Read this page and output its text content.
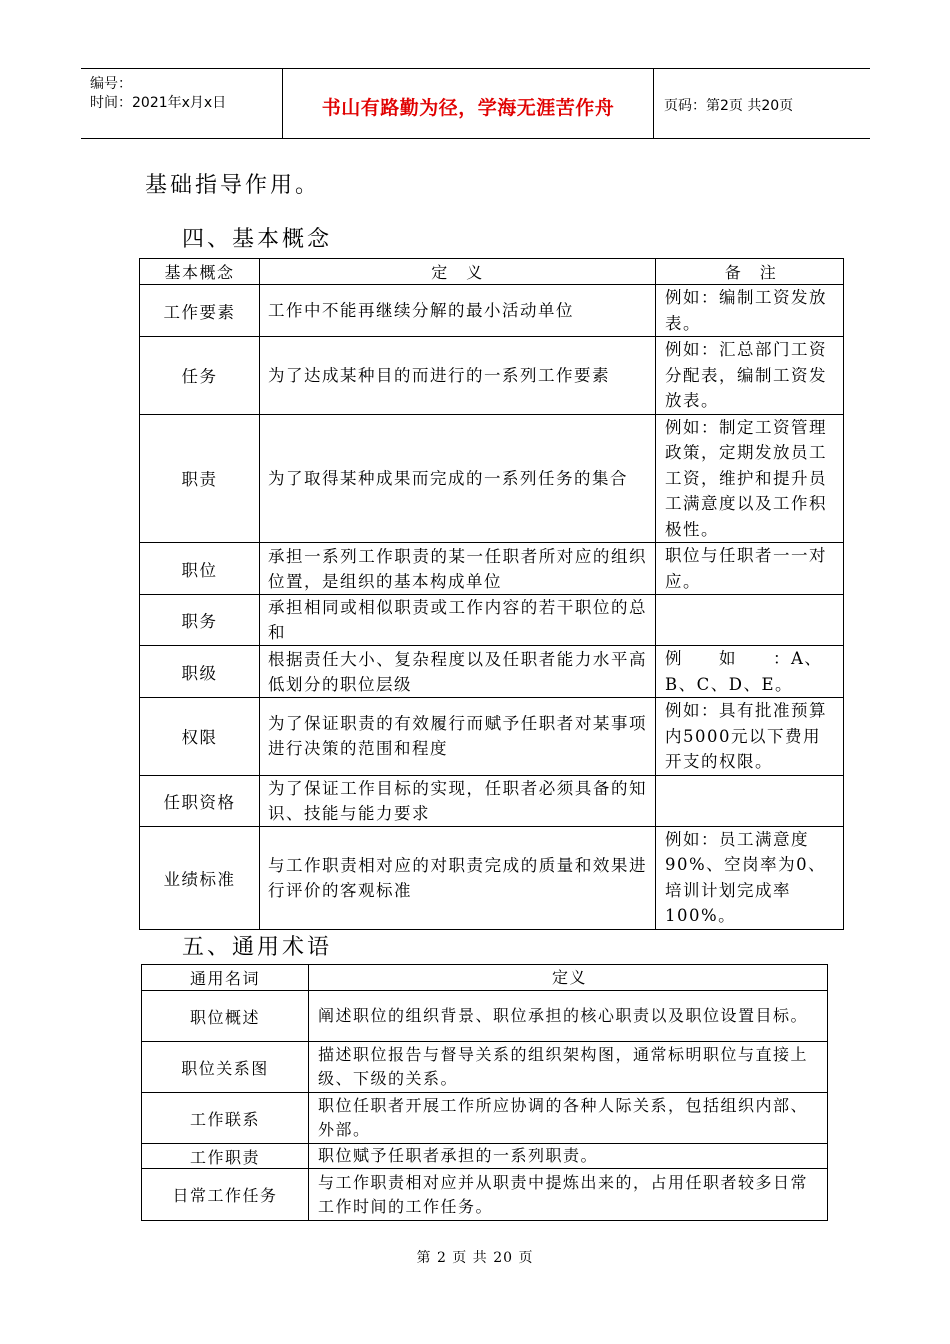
编号：
时间：2021年x月x日	书山有路勤为径，学海无涯苦作舟	页码：第2页 共20页
基础指导作用。
四、基本概念
基本概念	定　义	备　注
工作要素	工作中不能再继续分解的最小活动单位	例如：编制工资发放表。
任务	为了达成某种目的而进行的一系列工作要素	例如：汇总部门工资分配表，编制工资发放表。
职责	为了取得某种成果而完成的一系列任务的集合	例如：制定工资管理政策，定期发放员工工资，维护和提升员工满意度以及工作积极性。
职位	承担一系列工作职责的某一任职者所对应的组织位置，是组织的基本构成单位	职位与任职者一一对应。
职务	承担相同或相似职责或工作内容的若干职位的总和	
职级	根据责任大小、复杂程度以及任职者能力水平高低划分的职位层级	例　　如　　：A、B、C、D、E。
权限	为了保证职责的有效履行而赋予任职者对某事项进行决策的范围和程度	例如：具有批准预算内5000元以下费用开支的权限。
任职资格	为了保证工作目标的实现，任职者必须具备的知识、技能与能力要求	
业绩标准	与工作职责相对应的对职责完成的质量和效果进行评价的客观标准	例如：员工满意度90%、空岗率为0、培训计划完成率100%。
五、通用术语
通用名词	定义
职位概述	阐述职位的组织背景、职位承担的核心职责以及职位设置目标。
职位关系图	描述职位报告与督导关系的组织架构图，通常标明职位与直接上级、下级的关系。
工作联系	职位任职者开展工作所应协调的各种人际关系，包括组织内部、外部。
工作职责	职位赋予任职者承担的一系列职责。
日常工作任务	与工作职责相对应并从职责中提炼出来的，占用任职者较多日常工作时间的工作任务。
第 2 页 共 20 页
